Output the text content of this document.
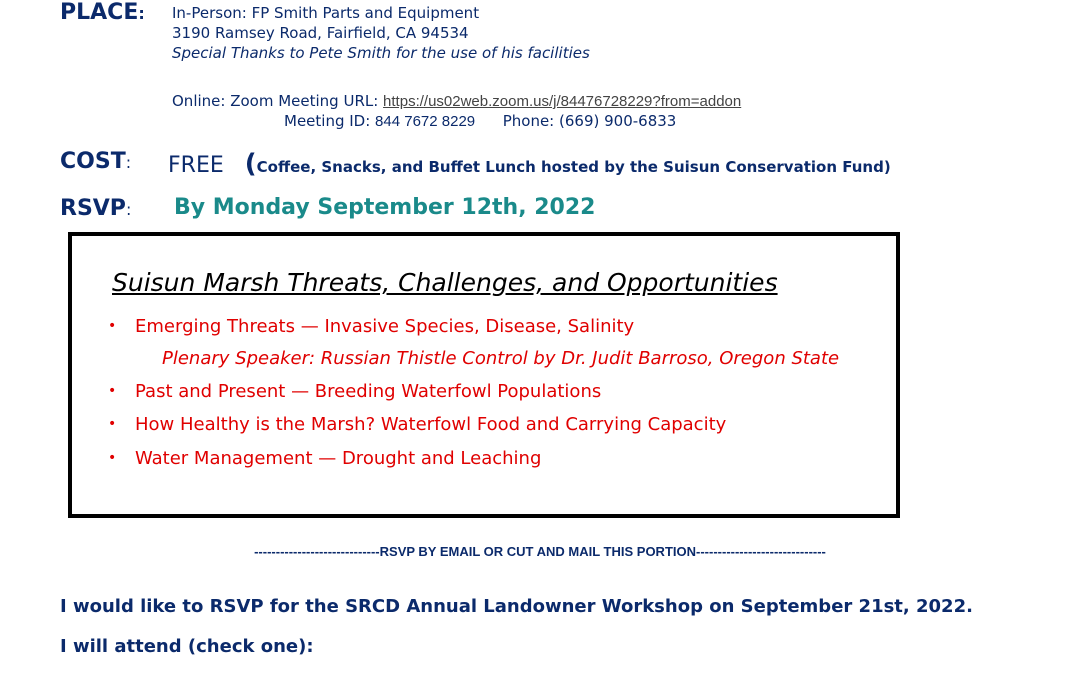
PLACE: In-Person: FP Smith Parts and Equipment
3190 Ramsey Road, Fairfield, CA 94534
Special Thanks to Pete Smith for the use of his facilities
Online: Zoom Meeting URL: https://us02web.zoom.us/j/84476728229?from=addon
Meeting ID: 844 7672 8229 Phone: (669) 900-6833
COST: FREE (Coffee, Snacks, and Buffet Lunch hosted by the Suisun Conservation Fund)
RSVP: By Monday September 12th, 2022
Suisun Marsh Threats, Challenges, and Opportunities
• Emerging Threats — Invasive Species, Disease, Salinity
Plenary Speaker: Russian Thistle Control by Dr. Judit Barroso, Oregon State
• Past and Present — Breeding Waterfowl Populations
• How Healthy is the Marsh? Waterfowl Food and Carrying Capacity
• Water Management — Drought and Leaching
-----------------------------RSVP BY EMAIL OR CUT AND MAIL THIS PORTION------------------------------
I would like to RSVP for the SRCD Annual Landowner Workshop on September 21st, 2022.
I will attend (check one):
